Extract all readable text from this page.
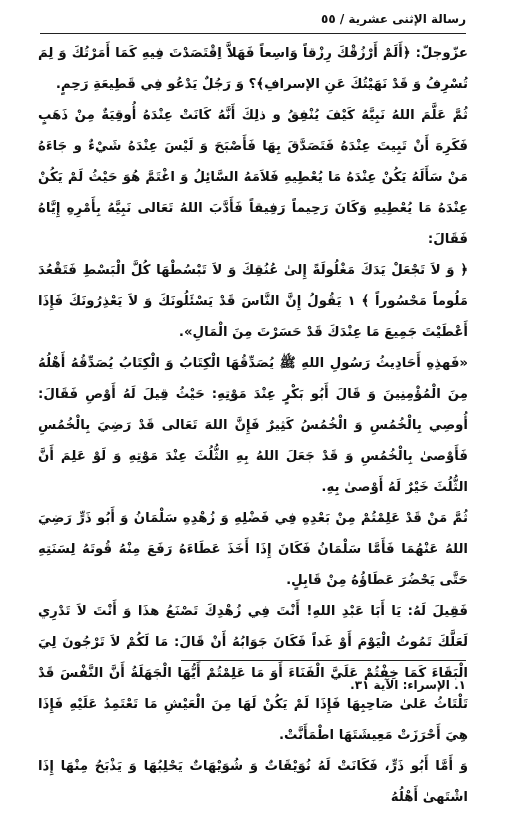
رسالة الإثنى عشرية / ٥٥

عزّوجلّ: ﴿أَلَمْ أَرْزُقْكَ رِزْقاً وَاسِعاً فَهَلاَّ اِقْتَصَدْتَ فِيهِ كَمَا أَمَرْتُكَ وَ لِمَ تُسْرِفُ وَ قَدْ نَهَيْتُكَ عَنِ الإسرافِ﴾؟ وَ رَجُلٌ يَدْعُو فِي قَطِيعَةِ رَحِمٍ.

ثُمَّ عَلَّمَ اللهُ نَبِيَّهُ كَيْفَ يُنْفِقُ و ذلِكَ أَنَّهُ كَانَتْ عِنْدَهُ أُوقِيَةٌ مِنْ ذَهَبٍ فَكَرِهَ أَنْ تَبِيتَ عِنْدَهُ فَتَصَدَّقَ بِهَا فَأَصْبَحَ وَ لَيْسَ عِنْدَهُ شَيْءٌ و جَاءَهُ مَنْ سَأَلَهُ يَكُنْ عِنْدَهُ مَا يُعْطِيهِ فَلاَمَهُ السَّائِلُ وَ اغْتَمَّ هُوَ حَيْثُ لَمْ يَكُنْ عِنْدَهُ مَا يُعْطِيهِ وَكَانَ رَحِيماً رَفِيقاً فَأَدَّبَ اللهُ تَعَالى نَبِيَّهُ بِأَمْرِهِ إِيَّاهُ فَقَالَ:

﴿ وَ لاَ تَجْعَلْ يَدَكَ مَغْلُولَةً إِلىٰ عُنُقِكَ وَ لاَ تَبْسُطْهَا كُلَّ الْبَسْطِ فَتَقْعُدَ مَلُوماً مَحْسُوراً ﴾ ١ يَقُولُ إِنَّ النَّاسَ قَدْ يَسْئَلُونَكَ وَ لاَ يَعْذِرُونَكَ فَإِذَا أَعْطَيْتَ جَمِيعَ مَا عِنْدَكَ قَدْ حَسَرْتَ مِنَ الْمَالِ».

«فَهذِهِ أَحَادِيثُ رَسُولِ اللهِ ﷺ يُصَدِّقُهَا الْكِتَابُ وَ الْكِتَابُ يُصَدِّقُهُ أَهْلُهُ مِنَ الْمُؤْمِنِينَ وَ قَالَ أَبُو بَكْرٍ عِنْدَ مَوْتِهِ: حَيْثُ قِيلَ لَهُ أَوْصِ فَقَالَ: أُوصِي بِالْخُمُسِ وَ الْخُمُسُ كَثِيرٌ فَإِنَّ اللهَ تَعَالى قَدْ رَضِيَ بِالْخُمُسِ فَأَوْصىٰ بِالْخُمُسِ وَ قَدْ جَعَلَ اللهُ بِهِ الثُّلُثَ عِنْدَ مَوْتِهِ وَ لَوْ عَلِمَ أَنَّ الثُّلُثَ خَيْرٌ لَهُ أَوْصىٰ بِهِ.

ثُمَّ مَنْ قَدْ عَلِمْتُمْ مِنْ بَعْدِهِ فِي فَضْلِهِ وَ زُهْدِهِ سَلْمَانُ وَ أَبُو ذَرٍّ رَضِيَ اللهُ عَنْهُمَا فَأَمَّا سَلْمَانُ فَكَانَ إِذَا أَخَذَ عَطَاءَهُ رَفَعَ مِنْهُ قُوتَهُ لِسَنَتِهِ حَتَّى يَحْضُرَ عَطَاؤُهُ مِنْ قَابِلٍ.

فَقِيلَ لَهُ: يَا أَبَا عَبْدِ اللهِ! أَنْتَ فِي زُهْدِكَ تَصْنَعُ هذَا وَ أَنْتَ لاَ تَدْرِي لَعَلَّكَ تَمُوتُ الْيَوْمَ أَوْ غَداً فَكَانَ جَوَابُهُ أَنْ قَالَ: مَا لَكُمْ لاَ تَرْجُونَ لِيَ الْبَقَاءَ كَمَا خِفْتُمْ عَلَيَّ الْفَنَاءَ أَوَ مَا عَلِمْتُمْ أَيُّهَا الْجَهَلَةُ أَنَّ النَّفْسَ قَدْ تَلْتَاثُ عَلىٰ صَاحِبِهَا فَإِذَا لَمْ يَكُنْ لَهَا مِنَ الْعَيْشِ مَا تَعْتَمِدُ عَلَيْهِ فَإِذَا هِيَ أَحْرَزَتْ مَعِيشَتَهَا اطْمَأَنَّتْ.

وَ أَمَّا أَبُو ذَرٍّ، فَكَانَتْ لَهُ نُوَيْقَاتٌ وَ شُوَيْهَاتٌ يَحْلِبُهَا وَ يَذْبَحُ مِنْهَا إِذَا اشْتَهىٰ أَهْلُهُ

١. الإسراء: الآية ٣١.
